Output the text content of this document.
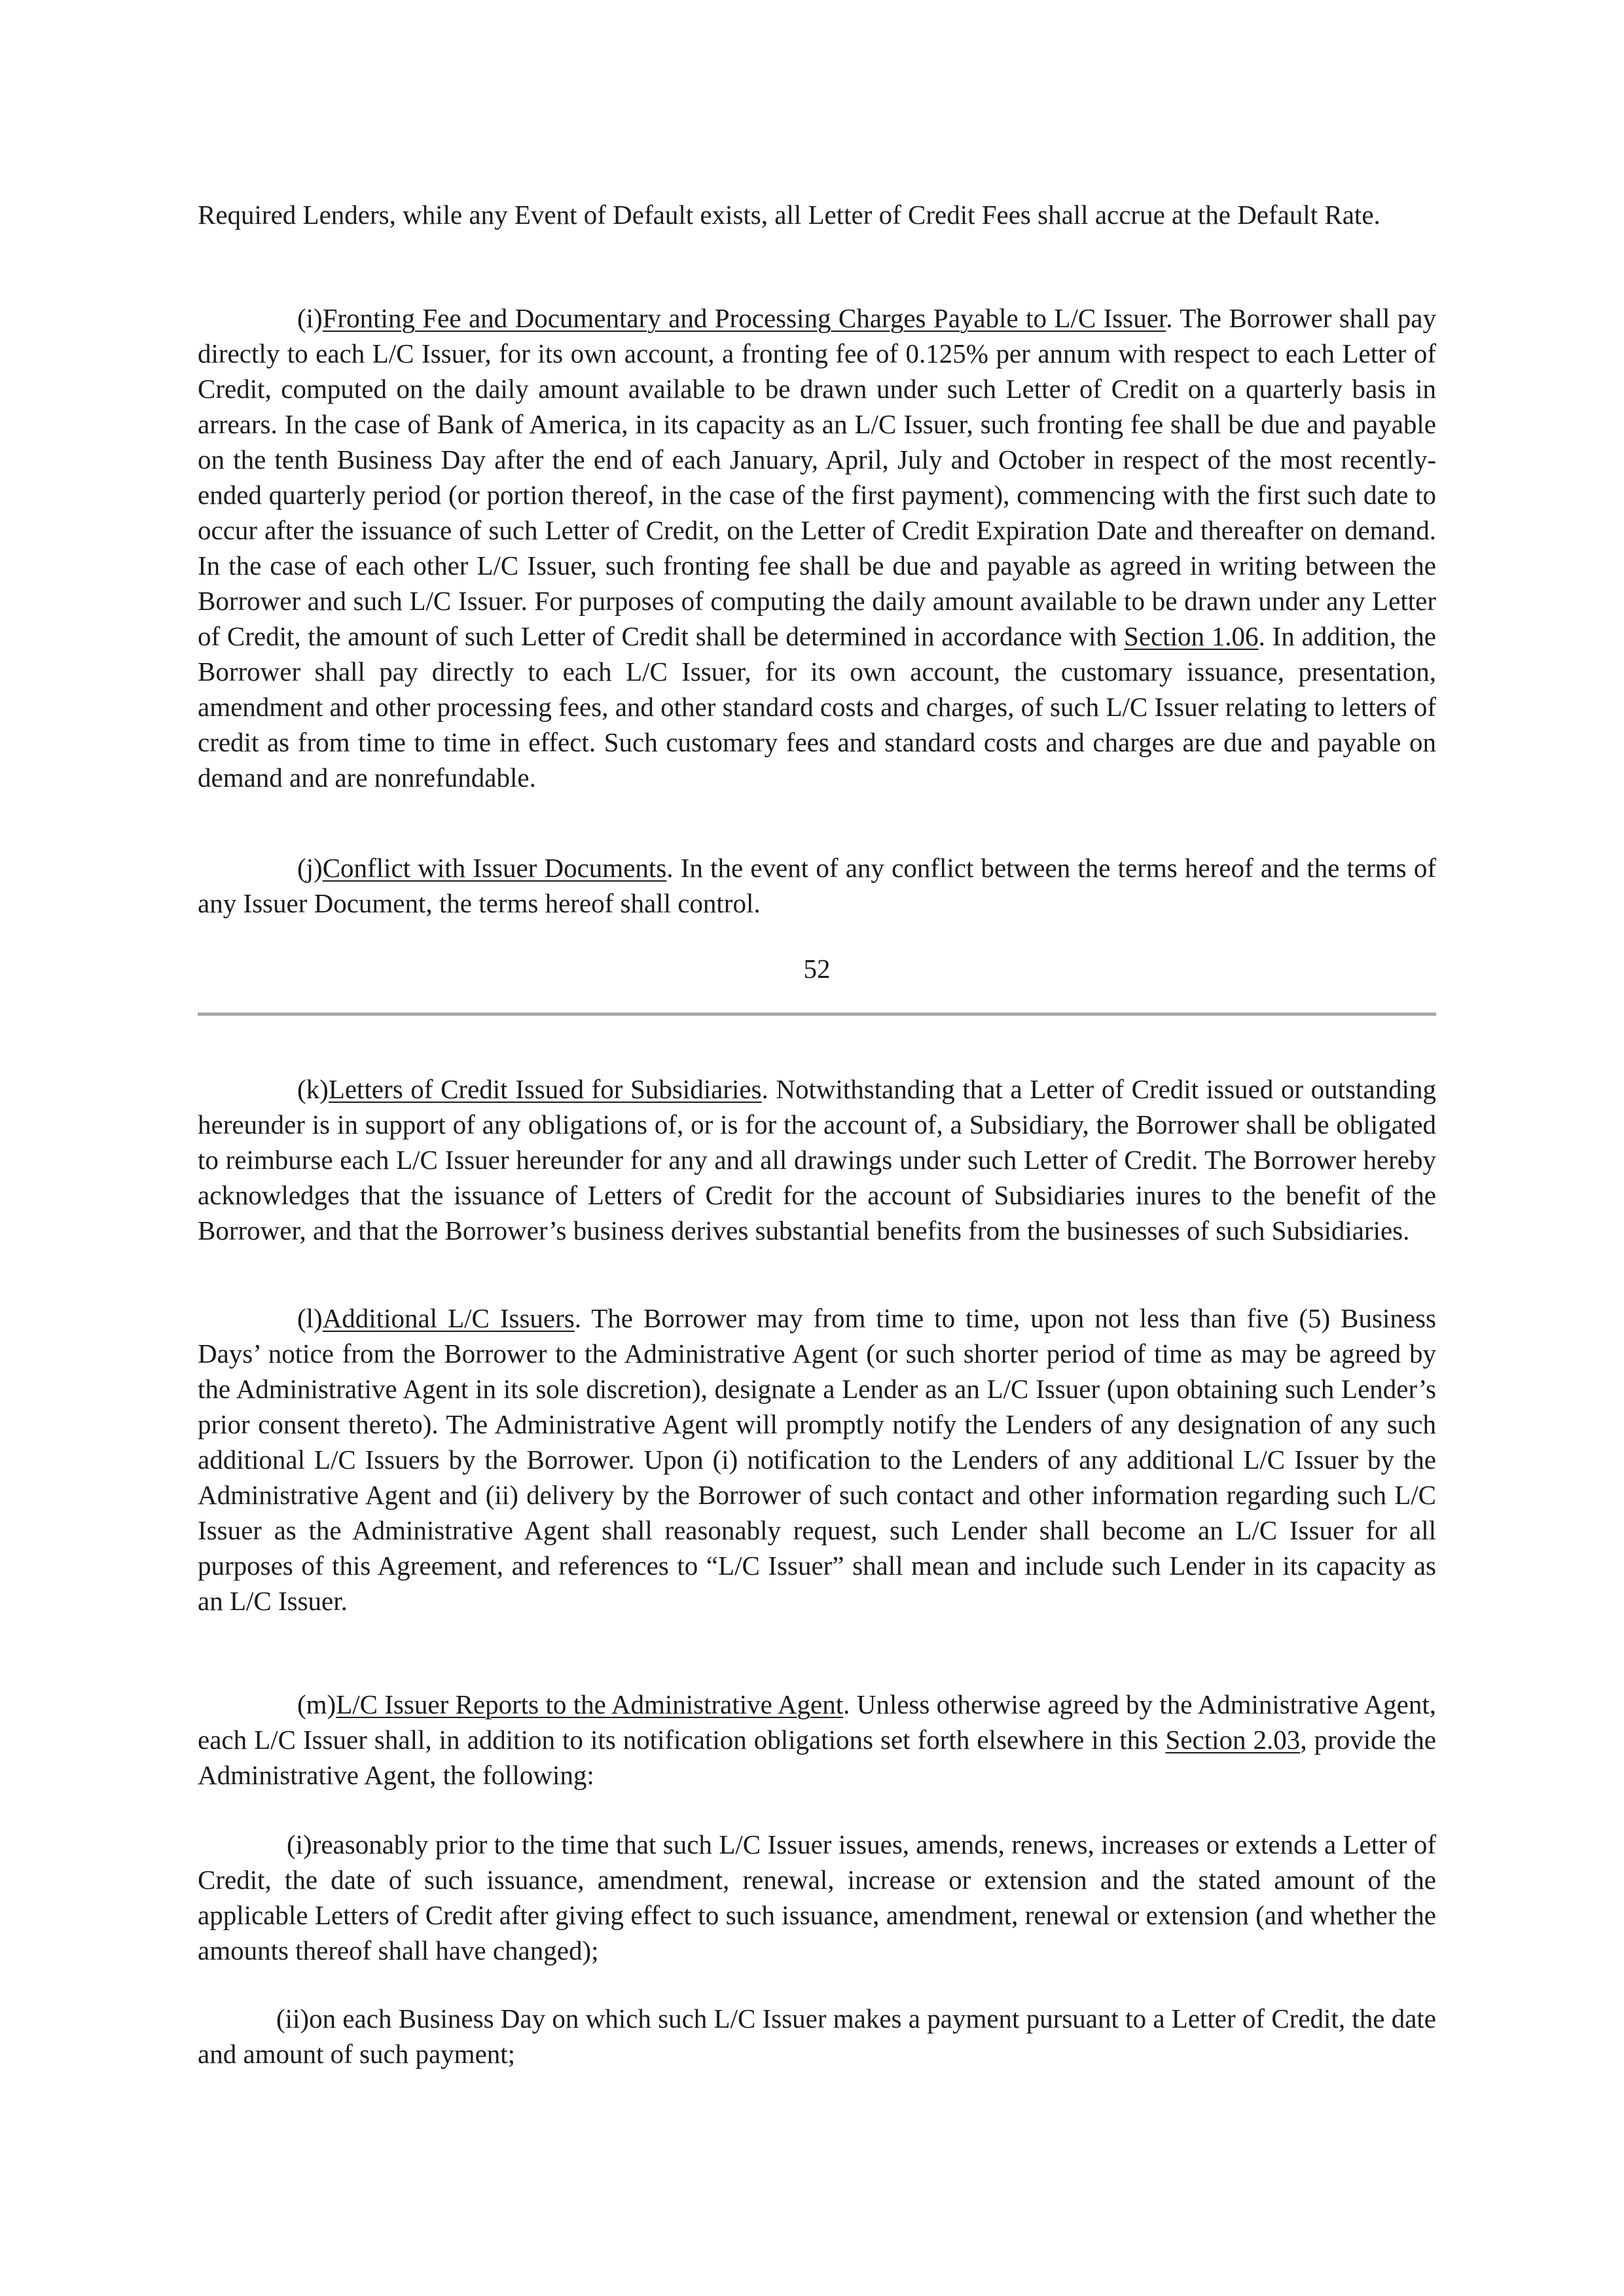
Required Lenders, while any Event of Default exists, all Letter of Credit Fees shall accrue at the Default Rate.

(i)Fronting Fee and Documentary and Processing Charges Payable to L/C Issuer. The Borrower shall pay directly to each L/C Issuer, for its own account, a fronting fee of 0.125% per annum with respect to each Letter of Credit, computed on the daily amount available to be drawn under such Letter of Credit on a quarterly basis in arrears. In the case of Bank of America, in its capacity as an L/C Issuer, such fronting fee shall be due and payable on the tenth Business Day after the end of each January, April, July and October in respect of the most recently-ended quarterly period (or portion thereof, in the case of the first payment), commencing with the first such date to occur after the issuance of such Letter of Credit, on the Letter of Credit Expiration Date and thereafter on demand. In the case of each other L/C Issuer, such fronting fee shall be due and payable as agreed in writing between the Borrower and such L/C Issuer. For purposes of computing the daily amount available to be drawn under any Letter of Credit, the amount of such Letter of Credit shall be determined in accordance with Section 1.06. In addition, the Borrower shall pay directly to each L/C Issuer, for its own account, the customary issuance, presentation, amendment and other processing fees, and other standard costs and charges, of such L/C Issuer relating to letters of credit as from time to time in effect. Such customary fees and standard costs and charges are due and payable on demand and are nonrefundable.

(j)Conflict with Issuer Documents. In the event of any conflict between the terms hereof and the terms of any Issuer Document, the terms hereof shall control.

52

(k)Letters of Credit Issued for Subsidiaries. Notwithstanding that a Letter of Credit issued or outstanding hereunder is in support of any obligations of, or is for the account of, a Subsidiary, the Borrower shall be obligated to reimburse each L/C Issuer hereunder for any and all drawings under such Letter of Credit. The Borrower hereby acknowledges that the issuance of Letters of Credit for the account of Subsidiaries inures to the benefit of the Borrower, and that the Borrower’s business derives substantial benefits from the businesses of such Subsidiaries.

(l)Additional L/C Issuers. The Borrower may from time to time, upon not less than five (5) Business Days’ notice from the Borrower to the Administrative Agent (or such shorter period of time as may be agreed by the Administrative Agent in its sole discretion), designate a Lender as an L/C Issuer (upon obtaining such Lender’s prior consent thereto). The Administrative Agent will promptly notify the Lenders of any designation of any such additional L/C Issuers by the Borrower. Upon (i) notification to the Lenders of any additional L/C Issuer by the Administrative Agent and (ii) delivery by the Borrower of such contact and other information regarding such L/C Issuer as the Administrative Agent shall reasonably request, such Lender shall become an L/C Issuer for all purposes of this Agreement, and references to “L/C Issuer” shall mean and include such Lender in its capacity as an L/C Issuer.

(m)L/C Issuer Reports to the Administrative Agent. Unless otherwise agreed by the Administrative Agent, each L/C Issuer shall, in addition to its notification obligations set forth elsewhere in this Section 2.03, provide the Administrative Agent, the following:

(i)reasonably prior to the time that such L/C Issuer issues, amends, renews, increases or extends a Letter of Credit, the date of such issuance, amendment, renewal, increase or extension and the stated amount of the applicable Letters of Credit after giving effect to such issuance, amendment, renewal or extension (and whether the amounts thereof shall have changed);

(ii)on each Business Day on which such L/C Issuer makes a payment pursuant to a Letter of Credit, the date and amount of such payment;
